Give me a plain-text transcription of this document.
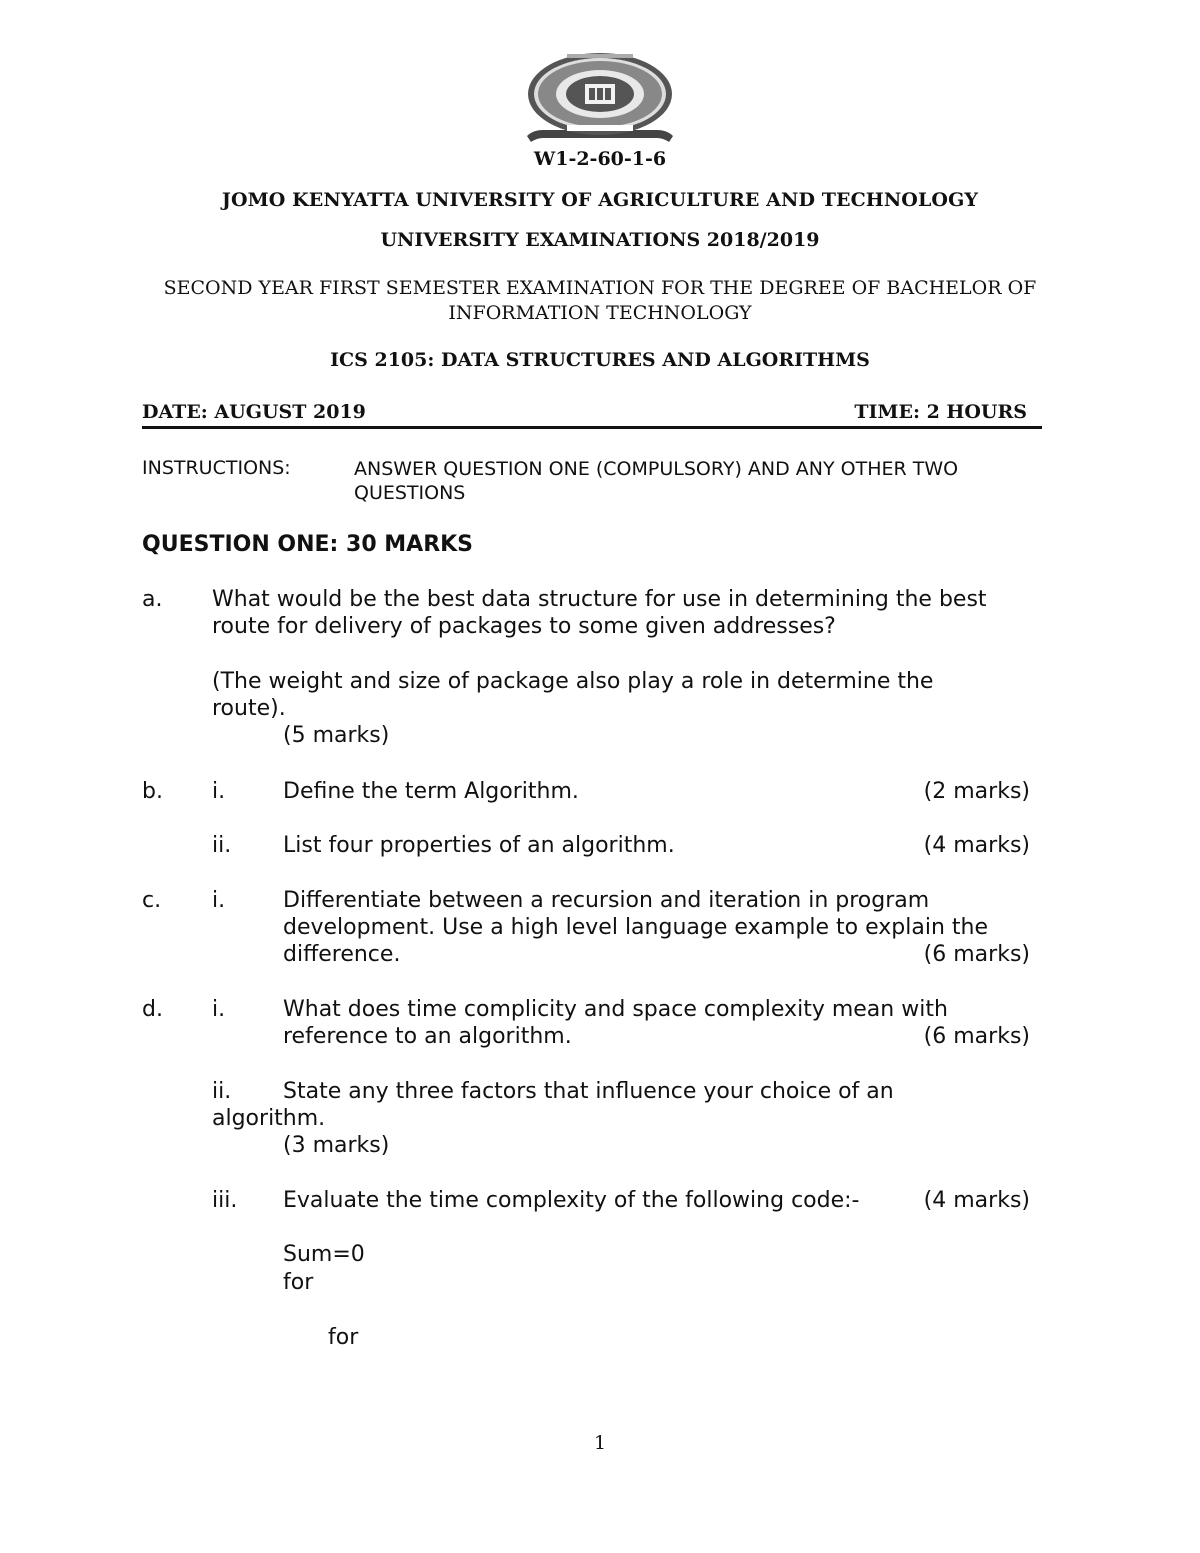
W1-2-60-1-6
JOMO KENYATTA UNIVERSITY OF AGRICULTURE AND TECHNOLOGY
UNIVERSITY EXAMINATIONS 2018/2019
SECOND YEAR FIRST SEMESTER EXAMINATION FOR THE DEGREE OF BACHELOR OF INFORMATION TECHNOLOGY
ICS 2105: DATA STRUCTURES AND ALGORITHMS
DATE: AUGUST 2019	TIME: 2 HOURS
INSTRUCTIONS:	ANSWER QUESTION ONE (COMPULSORY) AND ANY OTHER TWO QUESTIONS
QUESTION ONE: 30 MARKS
a. What would be the best data structure for use in determining the best
route for delivery of packages to some given addresses?
(The weight and size of package also play a role in determine the
route).
(5 marks)
b. i.	Define the term Algorithm.	(2 marks)
ii. List four properties of an algorithm.	(4 marks)
c. i.	Differentiate between a recursion and iteration in program
development. Use a high level language example to explain the
difference.	(6 marks)
d. i.	What does time complicity and space complexity mean with
reference to an algorithm.	(6 marks)
ii. State any three factors that influence your choice of an
algorithm.
(3 marks)
iii. Evaluate the time complexity of the following code:-	(4 marks)
Sum=0
for
for
1
